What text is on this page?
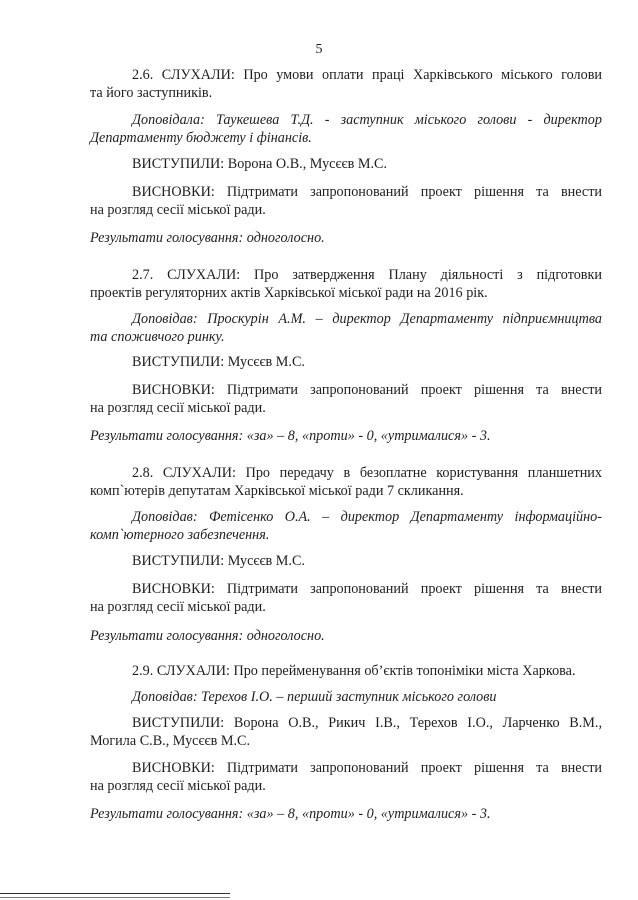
5
2.6. СЛУХАЛИ: Про умови оплати праці Харківського міського голови
та його заступників.
Доповідала: Таукешева Т.Д. - заступник міського голови - директор
Департаменту бюджету і фінансів.
ВИСТУПИЛИ: Ворона О.В., Мусєєв М.С.
ВИСНОВКИ: Підтримати запропонований проект рішення та внести
на розгляд сесії міської ради.
Результати голосування: одноголосно.
2.7. СЛУХАЛИ: Про затвердження Плану діяльності з підготовки
проектів регуляторних актів Харківської міської ради на 2016 рік.
Доповідав: Проскурін А.М. – директор Департаменту підприємництва
та споживчого ринку.
ВИСТУПИЛИ: Мусєєв М.С.
ВИСНОВКИ: Підтримати запропонований проект рішення та внести
на розгляд сесії міської ради.
Результати голосування: «за» – 8, «проти» - 0, «утрималися» - 3.
2.8. СЛУХАЛИ: Про передачу в безоплатне користування планшетних
комп`ютерів депутатам Харківської міської ради 7 скликання.
Доповідав: Фетісенко О.А. – директор Департаменту інформаційно-
комп`ютерного забезпечення.
ВИСТУПИЛИ: Мусєєв М.С.
ВИСНОВКИ: Підтримати запропонований проект рішення та внести
на розгляд сесії міської ради.
Результати голосування: одноголосно.
2.9. СЛУХАЛИ: Про перейменування об’єктів топоніміки міста Харкова.
Доповідав: Терехов І.О. – перший заступник міського голови
ВИСТУПИЛИ: Ворона О.В., Рикич І.В., Терехов І.О., Ларченко В.М.,
Могила С.В., Мусєєв М.С.
ВИСНОВКИ: Підтримати запропонований проект рішення та внести
на розгляд сесії міської ради.
Результати голосування: «за» – 8, «проти» - 0, «утрималися» - 3.
